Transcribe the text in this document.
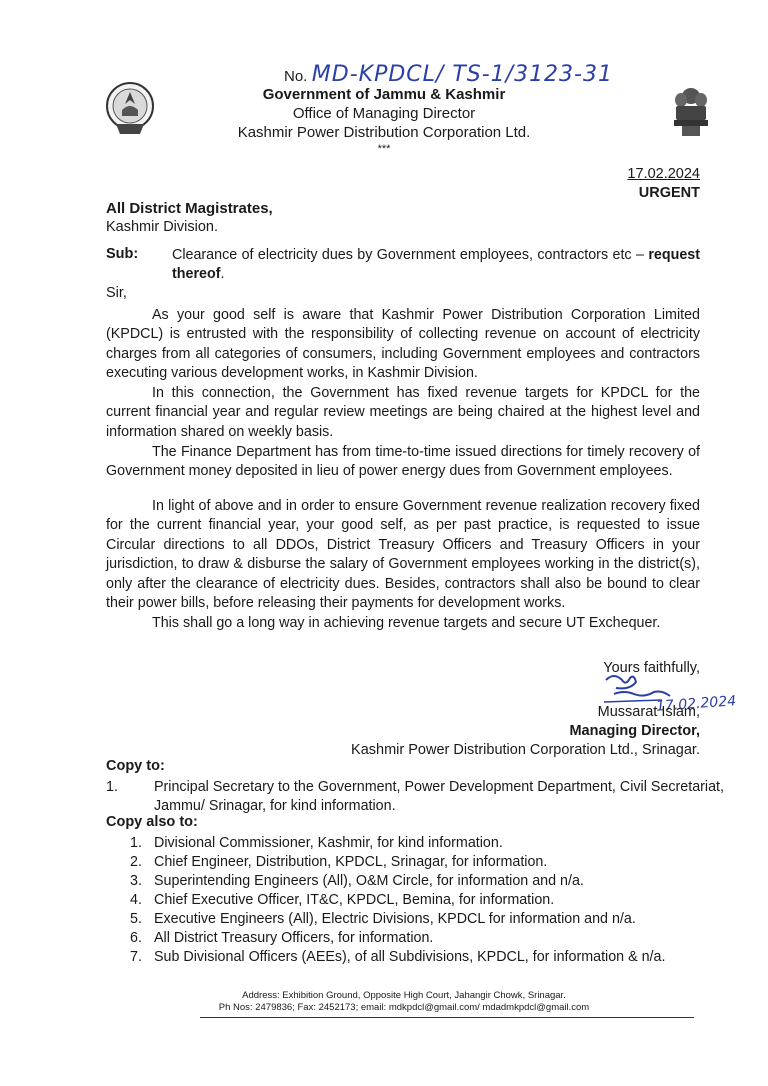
No. MD-KPDCL/ TS-1/3123-31
Government of Jammu & Kashmir
Office of Managing Director
Kashmir Power Distribution Corporation Ltd.
***
17.02.2024
URGENT
All District Magistrates,
Kashmir Division.
Sub: Clearance of electricity dues by Government employees, contractors etc – request thereof.
Sir,

As your good self is aware that Kashmir Power Distribution Corporation Limited (KPDCL) is entrusted with the responsibility of collecting revenue on account of electricity charges from all categories of consumers, including Government employees and contractors executing various development works, in Kashmir Division.

In this connection, the Government has fixed revenue targets for KPDCL for the current financial year and regular review meetings are being chaired at the highest level and information shared on weekly basis.

The Finance Department has from time-to-time issued directions for timely recovery of Government money deposited in lieu of power energy dues from Government employees.

In light of above and in order to ensure Government revenue realization recovery fixed for the current financial year, your good self, as per past practice, is requested to issue Circular directions to all DDOs, District Treasury Officers and Treasury Officers in your jurisdiction, to draw & disburse the salary of Government employees working in the district(s), only after the clearance of electricity dues. Besides, contractors shall also be bound to clear their power bills, before releasing their payments for development works.

This shall go a long way in achieving revenue targets and secure UT Exchequer.

Yours faithfully,
17.02.2024
Mussarat Islam,
Managing Director,
Kashmir Power Distribution Corporation Ltd., Srinagar.
Copy to:

1.	Principal Secretary to the Government, Power Development Department, Civil Secretariat, Jammu/ Srinagar, for kind information.

Copy also to:

1. Divisional Commissioner, Kashmir, for kind information.

2. Chief Engineer, Distribution, KPDCL, Srinagar, for information.

3. Superintending Engineers (All), O&M Circle, for information and n/a.

4. Chief Executive Officer, IT&C, KPDCL, Bemina, for information.

5. Executive Engineers (All), Electric Divisions, KPDCL for information and n/a.

6. All District Treasury Officers, for information.

7. Sub Divisional Officers (AEEs), of all Subdivisions, KPDCL, for information & n/a.

Address: Exhibition Ground, Opposite High Court, Jahangir Chowk, Srinagar.
Ph Nos: 2479836; Fax: 2452173; email: mdkpdcl@gmail.com/ mdadmkpdcl@gmail.com
